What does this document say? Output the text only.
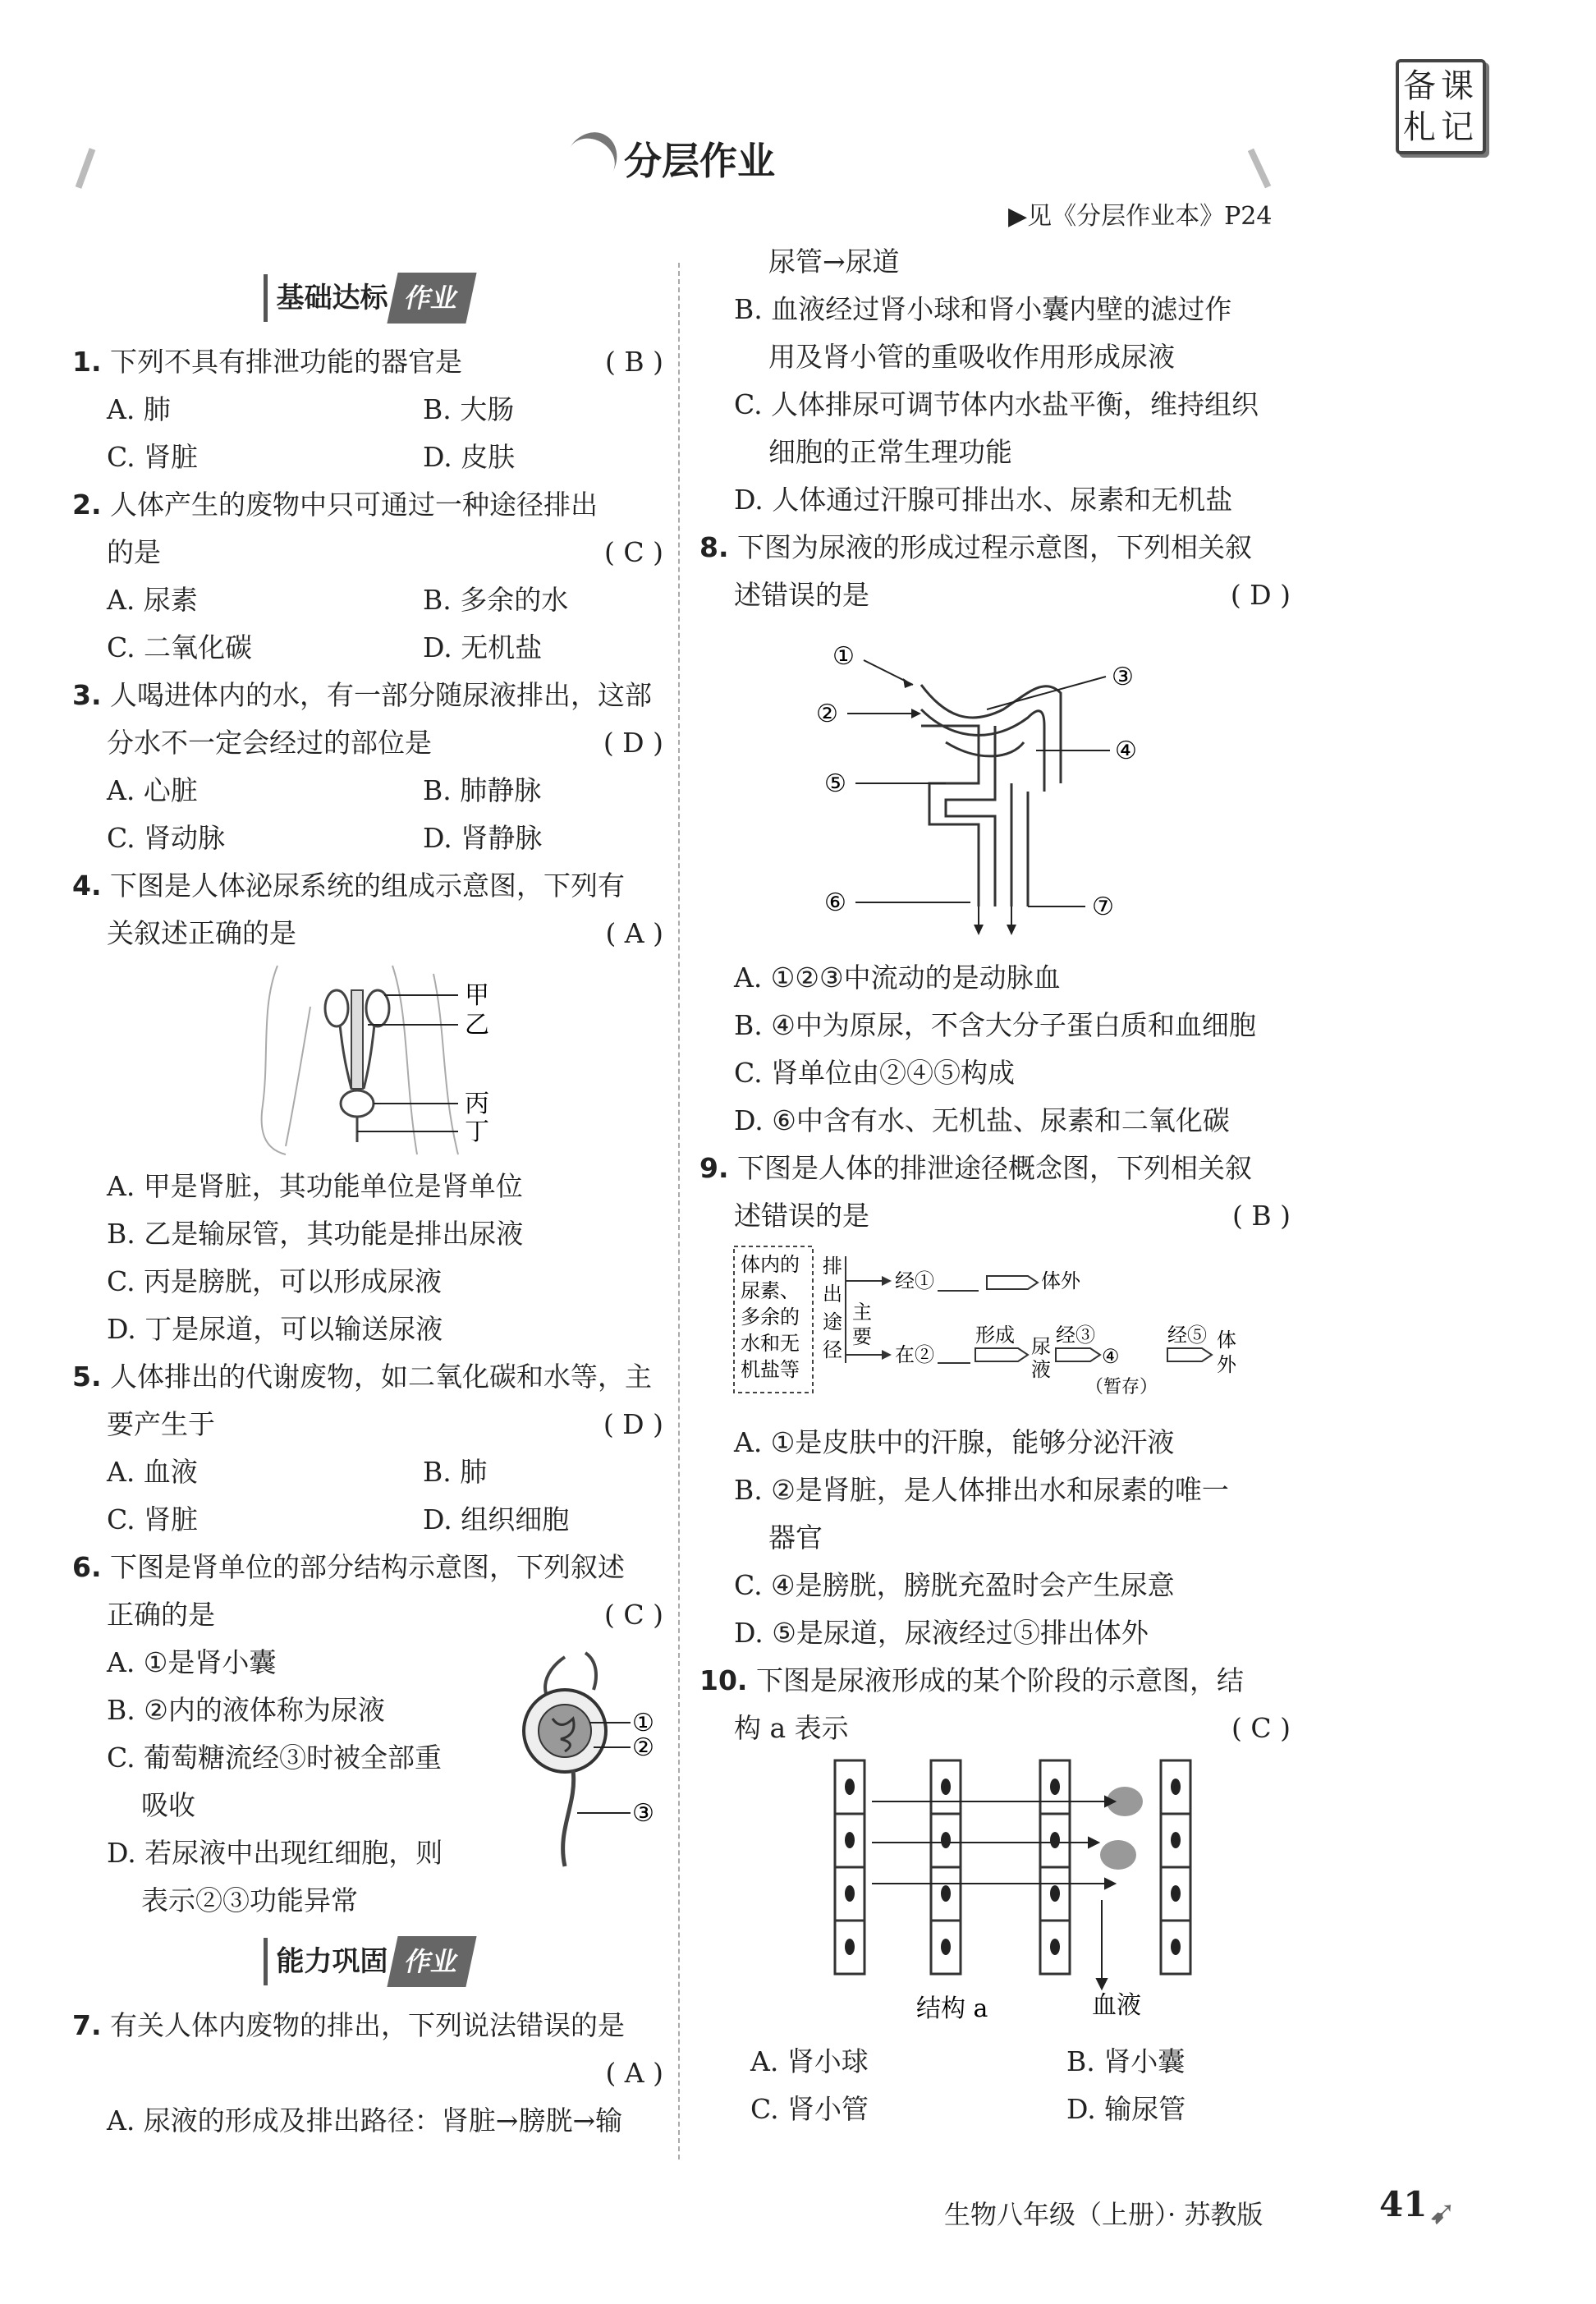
备课
札记
分层作业
▶见《分层作业本》P24
基础达标 作业
1. 下列不具有排泄功能的器官是	( B )
A. 肺	B. 大肠
C. 肾脏	D. 皮肤
2. 人体产生的废物中只可通过一种途径排出
的是	( C )
A. 尿素	B. 多余的水
C. 二氧化碳	D. 无机盐
3. 人喝进体内的水，有一部分随尿液排出，这部
分水不一定会经过的部位是	( D )
A. 心脏	B. 肺静脉
C. 肾动脉	D. 肾静脉
4. 下图是人体泌尿系统的组成示意图，下列有
关叙述正确的是	( A )
甲
乙
丙
丁
A. 甲是肾脏，其功能单位是肾单位
B. 乙是输尿管，其功能是排出尿液
C. 丙是膀胱，可以形成尿液
D. 丁是尿道，可以输送尿液
5. 人体排出的代谢废物，如二氧化碳和水等，主
要产生于	( D )
A. 血液	B. 肺
C. 肾脏	D. 组织细胞
6. 下图是肾单位的部分结构示意图，下列叙述
正确的是	( C )
A. ①是肾小囊
B. ②内的液体称为尿液
C. 葡萄糖流经③时被全部重
吸收
D. 若尿液中出现红细胞，则
表示②③功能异常
①
②
③
能力巩固 作业
7. 有关人体内废物的排出，下列说法错误的是
( A )
A. 尿液的形成及排出路径：肾脏→膀胱→输
尿管→尿道
B. 血液经过肾小球和肾小囊内壁的滤过作
用及肾小管的重吸收作用形成尿液
C. 人体排尿可调节体内水盐平衡，维持组织
细胞的正常生理功能
D. 人体通过汗腺可排出水、尿素和无机盐
8. 下图为尿液的形成过程示意图，下列相关叙
述错误的是	( D )
①
②
③
④
⑤
⑥	⑦
A. ①②③中流动的是动脉血
B. ④中为原尿，不含大分子蛋白质和血细胞
C. 肾单位由②④⑤构成
D. ⑥中含有水、无机盐、尿素和二氧化碳
9. 下图是人体的排泄途径概念图，下列相关叙
述错误的是	( B )
体内的
尿素、
多余的
水和无
机盐等
排
出
途
径
经①	体外
主
要
在②
形成 尿
液
经③
④
（暂存）
经⑤ 体
外
A. ①是皮肤中的汗腺，能够分泌汗液
B. ②是肾脏，是人体排出水和尿素的唯一
器官
C. ④是膀胱，膀胱充盈时会产生尿意
D. ⑤是尿道，尿液经过⑤排出体外
10. 下图是尿液形成的某个阶段的示意图，结
构 a 表示	( C )
结构 a	血液
A. 肾小球	B. 肾小囊
C. 肾小管	D. 输尿管
生物八年级（上册）· 苏教版	41 ➹
